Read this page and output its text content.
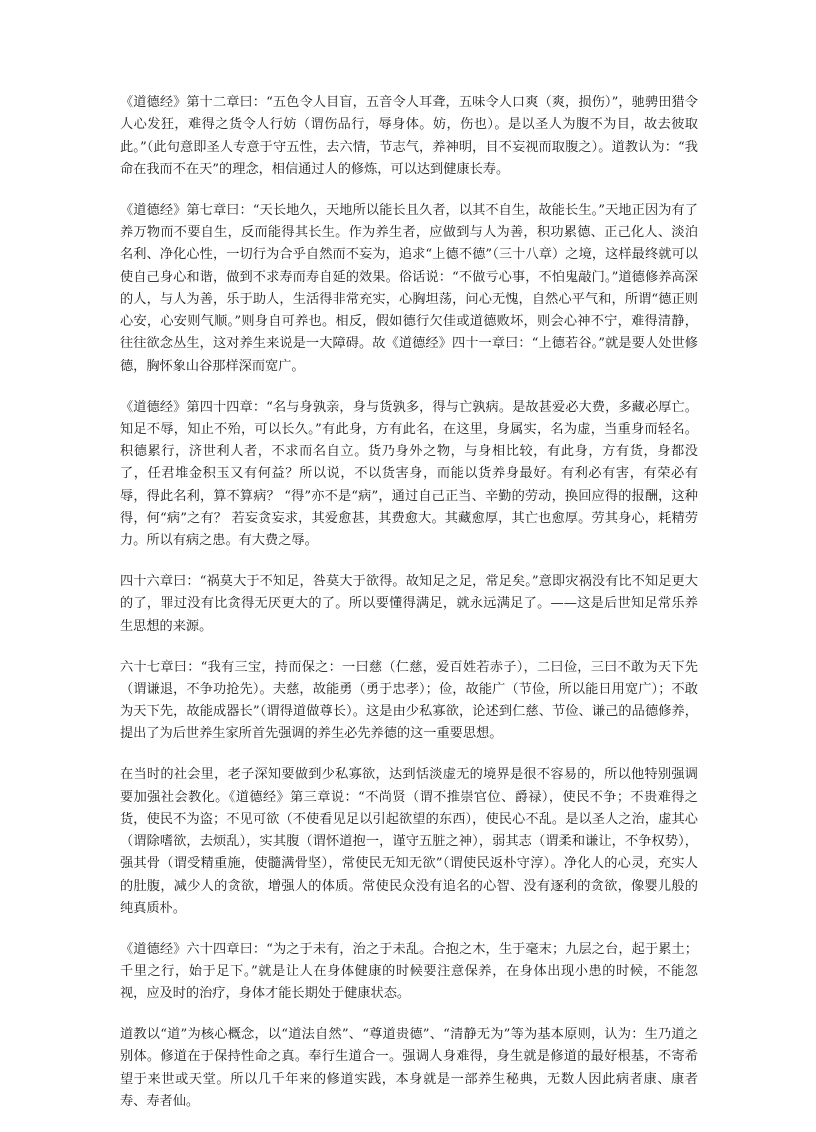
《道德经》第十二章曰：“五色令人目盲，五音令人耳聋，五味令人口爽（爽，损伤）”，驰骋田猎令人心发狂，难得之货令人行妨（谓伤品行，辱身体。妨，伤也）。是以圣人为腹不为目，故去彼取此。”（此句意即圣人专意于守五性，去六情，节志气，养神明，目不妄视而取腹之）。道教认为：“我命在我而不在天”的理念，相信通过人的修炼，可以达到健康长寿。

《道德经》第七章曰：“天长地久，天地所以能长且久者，以其不自生，故能长生。”天地正因为有了养万物而不要自生，反而能得其长生。作为养生者，应做到与人为善，积功累德、正己化人、淡泊名利、净化心性，一切行为合乎自然而不妄为，追求“上德不德”（三十八章）之境，这样最终就可以使自己身心和谐，做到不求寿而寿自延的效果。俗话说：“不做亏心事，不怕鬼敲门。”道德修养高深的人，与人为善，乐于助人，生活得非常充实，心胸坦荡，问心无愧，自然心平气和，所谓“德正则心安，心安则气顺。”则身自可养也。相反，假如德行欠佳或道德败坏，则会心神不宁，难得清静，往往欲念丛生，这对养生来说是一大障碍。故《道德经》四十一章曰：“上德若谷。”就是要人处世修德，胸怀象山谷那样深而宽广。

《道德经》第四十四章：“名与身孰亲，身与货孰多，得与亡孰病。是故甚爱必大费，多藏必厚亡。知足不辱，知止不殆，可以长久。”有此身，方有此名，在这里，身属实，名为虚，当重身而轻名。积德累行，济世利人者，不求而名自立。货乃身外之物，与身相比较，有此身，方有货，身都没了，任君堆金积玉又有何益？所以说，不以货害身，而能以货养身最好。有利必有害，有荣必有辱，得此名利，算不算病？ “得”亦不是“病”，通过自己正当、辛勤的劳动，换回应得的报酬，这种得，何“病”之有？ 若妄贪妄求，其爱愈甚，其费愈大。其藏愈厚，其亡也愈厚。劳其身心，耗精劳力。所以有病之患。有大费之辱。

四十六章曰：“祸莫大于不知足，咎莫大于欲得。故知足之足，常足矣。”意即灾祸没有比不知足更大的了，罪过没有比贪得无厌更大的了。所以要懂得满足，就永远满足了。——这是后世知足常乐养生思想的来源。

六十七章曰：“我有三宝，持而保之：一曰慈（仁慈，爱百姓若赤子），二曰俭，三曰不敢为天下先（谓谦退，不争功抢先）。夫慈，故能勇（勇于忠孝）；俭，故能广（节俭，所以能日用宽广）；不敢为天下先，故能成器长”（谓得道做尊长）。这是由少私寡欲，论述到仁慈、节俭、谦己的品德修养，提出了为后世养生家所首先强调的养生必先养德的这一重要思想。

在当时的社会里，老子深知要做到少私寡欲，达到恬淡虚无的境界是很不容易的，所以他特别强调要加强社会教化。《道德经》第三章说：“不尚贤（谓不推崇官位、爵禄），使民不争；不贵难得之货，使民不为盗；不见可欲（不使看见足以引起欲望的东西），使民心不乱。是以圣人之治，虚其心（谓除嗜欲，去烦乱），实其腹（谓怀道抱一，谨守五脏之神），弱其志（谓柔和谦让，不争权势），强其骨（谓受精重施，使髓满骨坚），常使民无知无欲”（谓使民返朴守淳）。净化人的心灵，充实人的肚腹，减少人的贪欲，增强人的体质。常使民众没有追名的心智、没有逐利的贪欲，像婴儿般的纯真质朴。

《道德经》六十四章曰：“为之于未有，治之于未乱。合抱之木，生于毫末；九层之台，起于累土；千里之行，始于足下。”就是让人在身体健康的时候要注意保养，在身体出现小患的时候，不能忽视，应及时的治疗，身体才能长期处于健康状态。

道教以“道”为核心概念，以“道法自然”、“尊道贵德”、“清静无为”等为基本原则，认为：生乃道之别体。修道在于保持性命之真。奉行生道合一。强调人身难得，身生就是修道的最好根基，不寄希望于来世或天堂。所以几千年来的修道实践，本身就是一部养生秘典，无数人因此病者康、康者寿、寿者仙。
